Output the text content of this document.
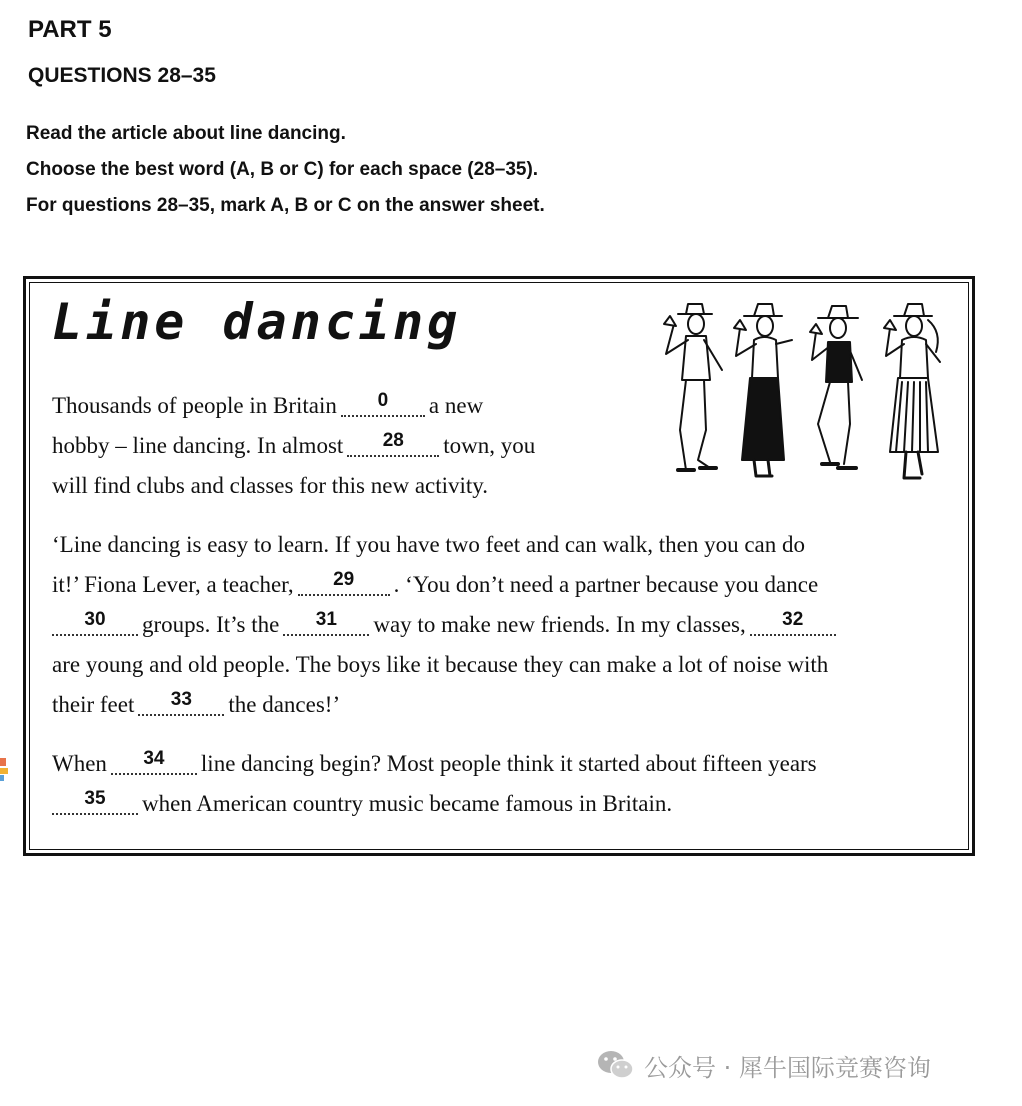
PART 5
QUESTIONS 28–35
Read the article about line dancing.
Choose the best word (A, B or C) for each space (28–35).
For questions 28–35, mark A, B or C on the answer sheet.
Line dancing
Thousands of people in Britain $^0$ a new
hobby – line dancing. In almost $^{28}$ town, you
will find clubs and classes for this new activity.
‘Line dancing is easy to learn. If you have two feet and can walk, then you can do
it!’ Fiona Lever, a teacher, $^{29}$ . ‘You don’t need a partner because you dance
$^{30}$ groups. It’s the $^{31}$ way to make new friends. In my classes, $^{32}$
are young and old people. The boys like it because they can make a lot of noise with
their feet $^{33}$ the dances!’
When $^{34}$ line dancing begin? Most people think it started about fifteen years
$^{35}$ when American country music became famous in Britain.
公众号 · 犀牛国际竞赛咨询
